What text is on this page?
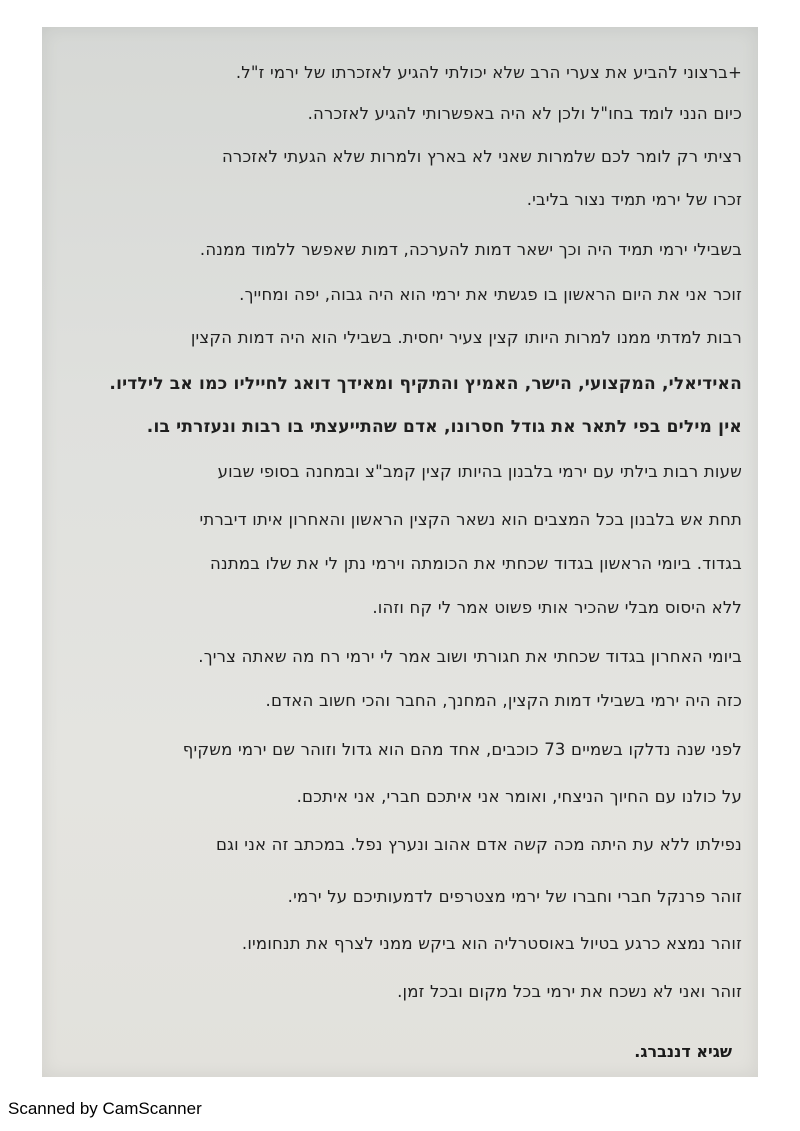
+ברצוני להביע את צערי הרב שלא יכולתי להגיע לאזכרתו של ירמי ז"ל.
כיום הנני לומד בחו"ל ולכן לא היה באפשרותי להגיע לאזכרה.
רציתי רק לומר לכם שלמרות שאני לא בארץ ולמרות שלא הגעתי לאזכרה
זכרו של ירמי תמיד נצור בליבי.
בשבילי ירמי תמיד היה וכך ישאר דמות להערכה, דמות שאפשר ללמוד ממנה.
זוכר אני את היום הראשון בו פגשתי את ירמי הוא היה גבוה, יפה ומחייך.
רבות למדתי ממנו למרות היותו קצין צעיר יחסית. בשבילי הוא היה דמות הקצין
האידיאלי, המקצועי, הישר, האמיץ והתקיף ומאידך דואג לחייליו כמו אב לילדיו.
אין מילים בפי לתאר את גודל חסרונו, אדם שהתייעצתי בו רבות ונעזרתי בו.
שעות רבות בילתי עם ירמי בלבנון בהיותו קצין קמב"צ ובמחנה בסופי שבוע
תחת אש בלבנון בכל המצבים הוא נשאר הקצין הראשון והאחרון איתו דיברתי
בגדוד. ביומי הראשון בגדוד שכחתי את הכומתה וירמי נתן לי את שלו במתנה
ללא היסוס מבלי שהכיר אותי פשוט אמר לי קח וזהו.
ביומי האחרון בגדוד שכחתי את חגורתי ושוב אמר לי ירמי רח מה שאתה צריך.
כזה היה ירמי בשבילי דמות הקצין, המחנך, החבר והכי חשוב האדם.
לפני שנה נדלקו בשמיים 73 כוכבים, אחד מהם הוא גדול וזוהר שם ירמי משקיף
על כולנו עם החיוך הניצחי, ואומר אני איתכם חברי, אני איתכם.
נפילתו ללא עת היתה מכה קשה אדם אהוב ונערץ נפל. במכתב זה אני וגם
זוהר פרנקל חברי וחברו של ירמי מצטרפים לדמעותיכם על ירמי.
זוהר נמצא כרגע בטיול באוסטרליה הוא ביקש ממני לצרף את תנחומיו.
זוהר ואני לא נשכח את ירמי בכל מקום ובכל זמן.
שגיא דננברג.
Scanned by CamScanner
